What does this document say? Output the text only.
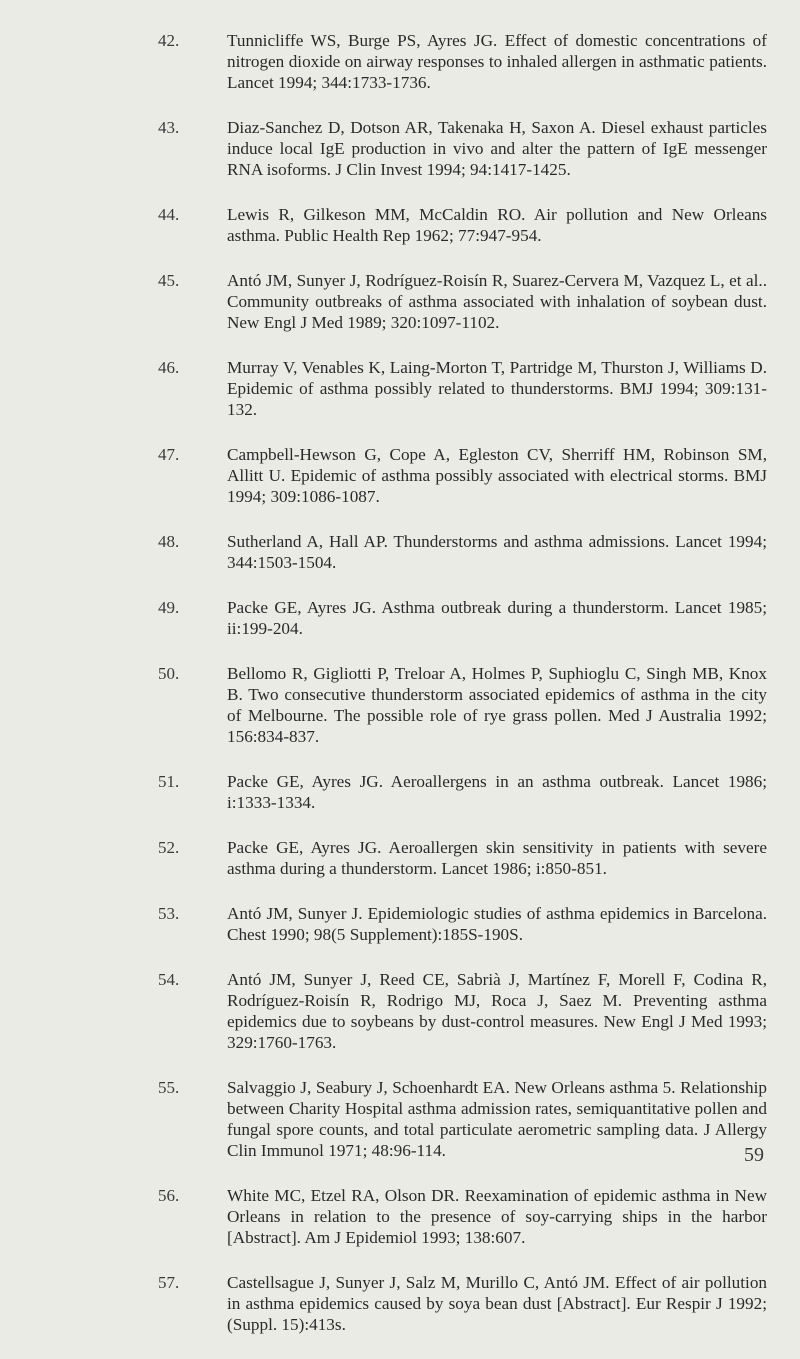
42.	Tunnicliffe WS, Burge PS, Ayres JG. Effect of domestic concentrations of nitrogen dioxide on airway responses to inhaled allergen in asthmatic patients. Lancet 1994; 344:1733-1736.
43.	Diaz-Sanchez D, Dotson AR, Takenaka H, Saxon A. Diesel exhaust particles induce local IgE production in vivo and alter the pattern of IgE messenger RNA isoforms. J Clin Invest 1994; 94:1417-1425.
44.	Lewis R, Gilkeson MM, McCaldin RO. Air pollution and New Orleans asthma. Public Health Rep 1962; 77:947-954.
45.	Antó JM, Sunyer J, Rodríguez-Roisín R, Suarez-Cervera M, Vazquez L, et al.. Community outbreaks of asthma associated with inhalation of soybean dust. New Engl J Med 1989; 320:1097-1102.
46.	Murray V, Venables K, Laing-Morton T, Partridge M, Thurston J, Williams D. Epidemic of asthma possibly related to thunderstorms. BMJ 1994; 309:131-132.
47.	Campbell-Hewson G, Cope A, Egleston CV, Sherriff HM, Robinson SM, Allitt U. Epidemic of asthma possibly associated with electrical storms. BMJ 1994; 309:1086-1087.
48.	Sutherland A, Hall AP. Thunderstorms and asthma admissions. Lancet 1994; 344:1503-1504.
49.	Packe GE, Ayres JG. Asthma outbreak during a thunderstorm. Lancet 1985; ii:199-204.
50.	Bellomo R, Gigliotti P, Treloar A, Holmes P, Suphioglu C, Singh MB, Knox B. Two consecutive thunderstorm associated epidemics of asthma in the city of Melbourne. The possible role of rye grass pollen. Med J Australia 1992; 156:834-837.
51.	Packe GE, Ayres JG. Aeroallergens in an asthma outbreak. Lancet 1986; i:1333-1334.
52.	Packe GE, Ayres JG. Aeroallergen skin sensitivity in patients with severe asthma during a thunderstorm. Lancet 1986; i:850-851.
53.	Antó JM, Sunyer J. Epidemiologic studies of asthma epidemics in Barcelona. Chest 1990; 98(5 Supplement):185S-190S.
54.	Antó JM, Sunyer J, Reed CE, Sabrià J, Martínez F, Morell F, Codina R, Rodríguez-Roisín R, Rodrigo MJ, Roca J, Saez M. Preventing asthma epidemics due to soybeans by dust-control measures. New Engl J Med 1993; 329:1760-1763.
55.	Salvaggio J, Seabury J, Schoenhardt EA. New Orleans asthma 5. Relationship between Charity Hospital asthma admission rates, semiquantitative pollen and fungal spore counts, and total particulate aerometric sampling data. J Allergy Clin Immunol 1971; 48:96-114.
56.	White MC, Etzel RA, Olson DR. Reexamination of epidemic asthma in New Orleans in relation to the presence of soy-carrying ships in the harbor [Abstract]. Am J Epidemiol 1993; 138:607.
57.	Castellsague J, Sunyer J, Salz M, Murillo C, Antó JM. Effect of air pollution in asthma epidemics caused by soya bean dust [Abstract]. Eur Respir J 1992; (Suppl. 15):413s.
59
